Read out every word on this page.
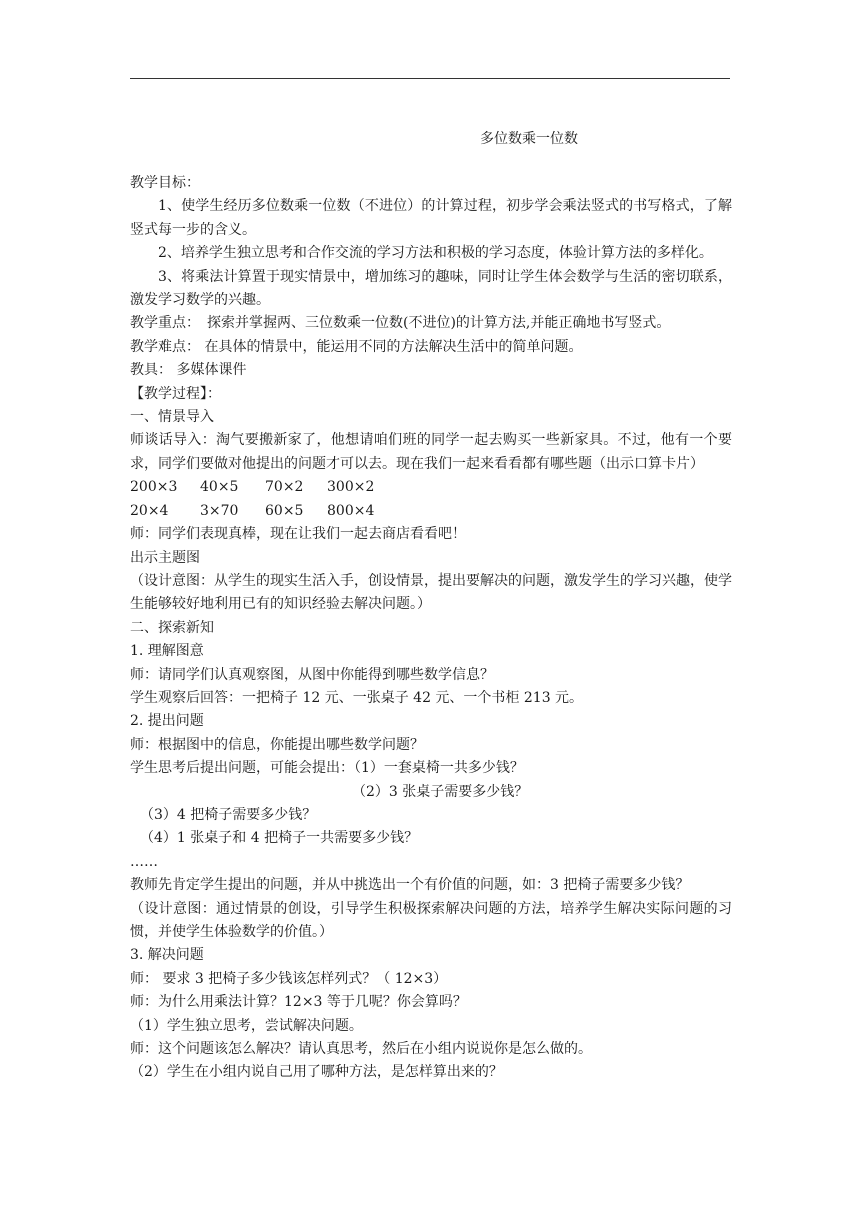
多位数乘一位数

教学目标：

1、使学生经历多位数乘一位数（不进位）的计算过程，初步学会乘法竖式的书写格式，了解竖式每一步的含义。

2、培养学生独立思考和合作交流的学习方法和积极的学习态度，体验计算方法的多样化。

3、将乘法计算置于现实情景中，增加练习的趣味，同时让学生体会数学与生活的密切联系，激发学习数学的兴趣。

教学重点：　探索并掌握两、三位数乘一位数(不进位)的计算方法,并能正确地书写竖式。

教学难点： 在具体的情景中，能运用不同的方法解决生活中的简单问题。

教具： 多媒体课件

【教学过程】：

一、情景导入

师谈话导入：淘气要搬新家了，他想请咱们班的同学一起去购买一些新家具。不过，他有一个要求，同学们要做对他提出的问题才可以去。现在我们一起来看看都有哪些题（出示口算卡片）

200×3 40×5 70×2 300×2

20×4 3×70 60×5 800×4

师：同学们表现真棒，现在让我们一起去商店看看吧！

出示主题图

（设计意图：从学生的现实生活入手，创设情景，提出要解决的问题，激发学生的学习兴趣，使学生能够较好地利用已有的知识经验去解决问题。）

二、探索新知

1. 理解图意

师：请同学们认真观察图，从图中你能得到哪些数学信息？

学生观察后回答：一把椅子 12 元、一张桌子 42 元、一个书柜 213 元。

2. 提出问题

师：根据图中的信息，你能提出哪些数学问题？

学生思考后提出问题，可能会提出：（1）一套桌椅一共多少钱？

（2）3 张桌子需要多少钱？

（3）4 把椅子需要多少钱？

（4）1 张桌子和 4 把椅子一共需要多少钱？

……

教师先肯定学生提出的问题，并从中挑选出一个有价值的问题，如：3 把椅子需要多少钱？

（设计意图：通过情景的创设，引导学生积极探索解决问题的方法，培养学生解决实际问题的习惯，并使学生体验数学的价值。）

3. 解决问题

师： 要求 3 把椅子多少钱该怎样列式？（ 12×3）

师：为什么用乘法计算？12×3 等于几呢？你会算吗？

（1）学生独立思考，尝试解决问题。

师：这个问题该怎么解决？请认真思考，然后在小组内说说你是怎么做的。

（2）学生在小组内说自己用了哪种方法，是怎样算出来的？
